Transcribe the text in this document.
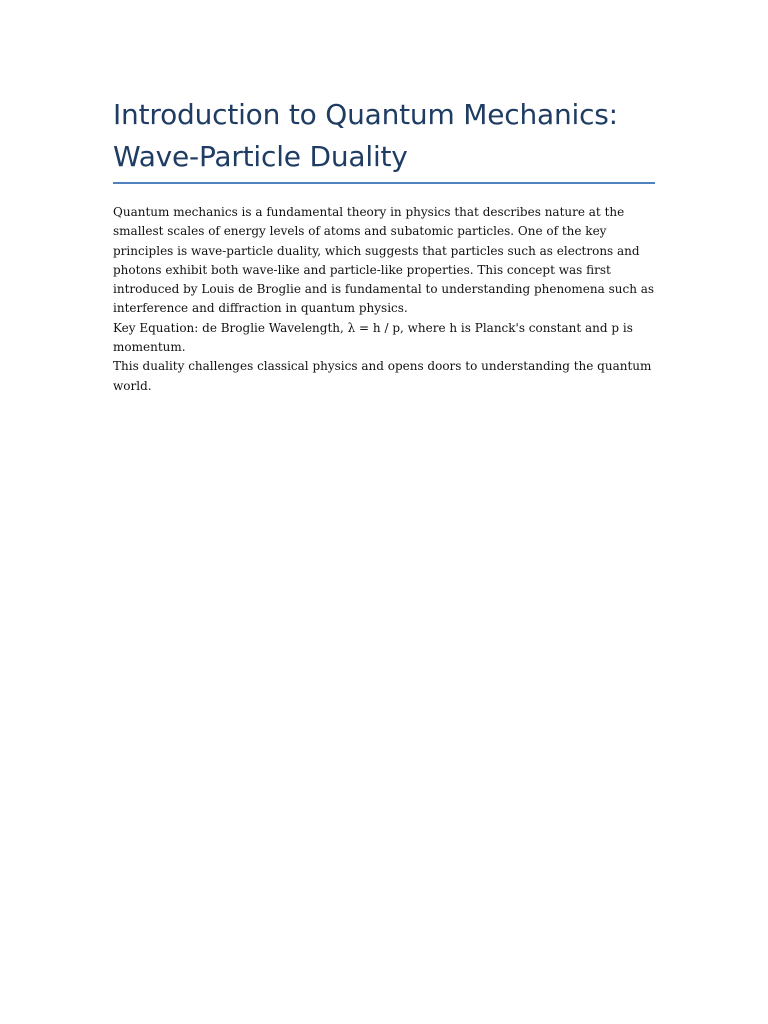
Introduction to Quantum Mechanics:
Wave-Particle Duality

Quantum mechanics is a fundamental theory in physics that describes nature at the smallest scales of energy levels of atoms and subatomic particles. One of the key principles is wave-particle duality, which suggests that particles such as electrons and photons exhibit both wave-like and particle-like properties. This concept was first introduced by Louis de Broglie and is fundamental to understanding phenomena such as interference and diffraction in quantum physics.

Key Equation: de Broglie Wavelength, λ = h / p, where h is Planck's constant and p is momentum.

This duality challenges classical physics and opens doors to understanding the quantum world.
